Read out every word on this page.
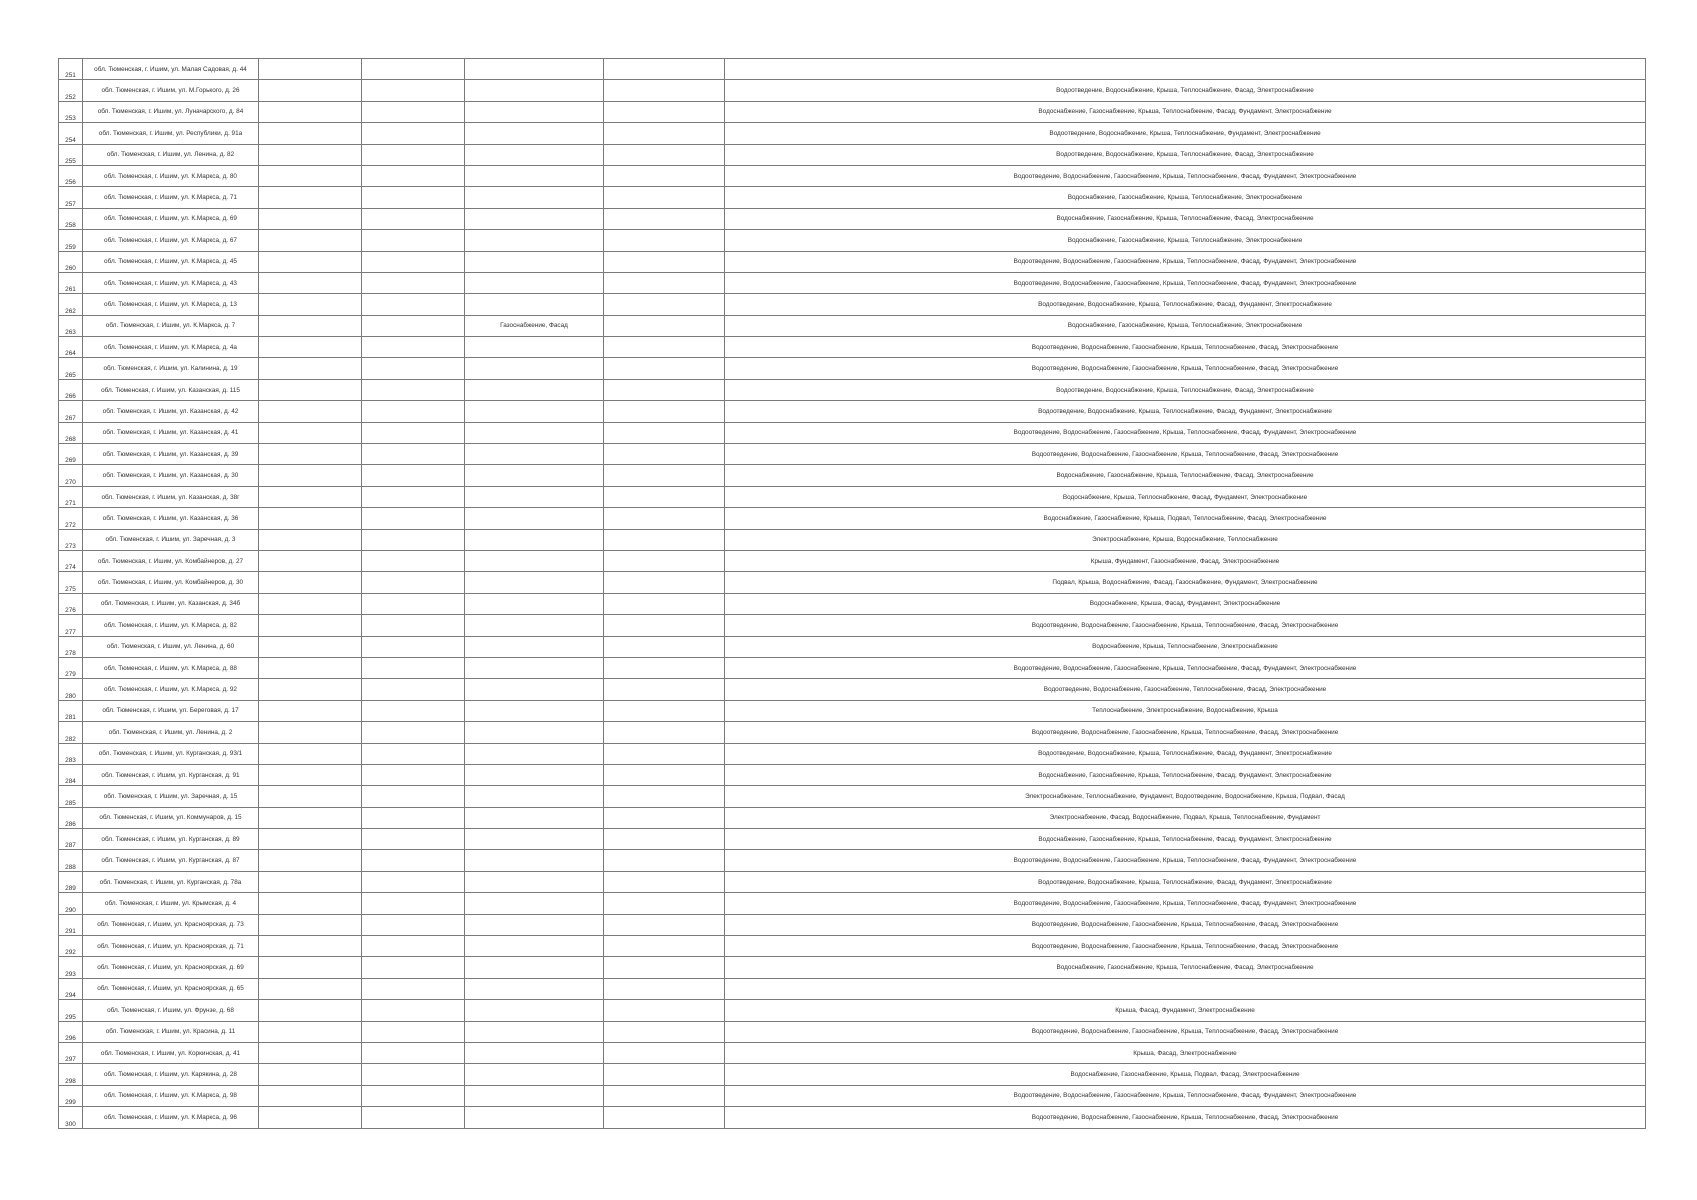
251	обл. Тюменская, г. Ишим, ул. Малая Садовая, д. 44					
252	обл. Тюменская, г. Ишим, ул. М.Горького, д. 26					Водоотведение, Водоснабжение, Крыша, Теплоснабжение, Фасад, Электроснабжение
253	обл. Тюменская, г. Ишим, ул. Луначарского, д. 84					Водоснабжение, Газоснабжение, Крыша, Теплоснабжение, Фасад, Фундамент, Электроснабжение
254	обл. Тюменская, г. Ишим, ул. Республики, д. 91а					Водоотведение, Водоснабжение, Крыша, Теплоснабжение, Фундамент, Электроснабжение
255	обл. Тюменская, г. Ишим, ул. Ленина, д. 82					Водоотведение, Водоснабжение, Крыша, Теплоснабжение, Фасад, Электроснабжение
256	обл. Тюменская, г. Ишим, ул. К.Маркса, д. 80					Водоотведение, Водоснабжение, Газоснабжение, Крыша, Теплоснабжение, Фасад, Фундамент, Электроснабжение
257	обл. Тюменская, г. Ишим, ул. К.Маркса, д. 71					Водоснабжение, Газоснабжение, Крыша, Теплоснабжение, Электроснабжение
258	обл. Тюменская, г. Ишим, ул. К.Маркса, д. 69					Водоснабжение, Газоснабжение, Крыша, Теплоснабжение, Фасад, Электроснабжение
259	обл. Тюменская, г. Ишим, ул. К.Маркса, д. 67					Водоснабжение, Газоснабжение, Крыша, Теплоснабжение, Электроснабжение
260	обл. Тюменская, г. Ишим, ул. К.Маркса, д. 45					Водоотведение, Водоснабжение, Газоснабжение, Крыша, Теплоснабжение, Фасад, Фундамент, Электроснабжение
261	обл. Тюменская, г. Ишим, ул. К.Маркса, д. 43					Водоотведение, Водоснабжение, Газоснабжение, Крыша, Теплоснабжение, Фасад, Фундамент, Электроснабжение
262	обл. Тюменская, г. Ишим, ул. К.Маркса, д. 13					Водоотведение, Водоснабжение, Крыша, Теплоснабжение, Фасад, Фундамент, Электроснабжение
263	обл. Тюменская, г. Ишим, ул. К.Маркса, д. 7			Газоснабжение, Фасад		Водоснабжение, Газоснабжение, Крыша, Теплоснабжение, Электроснабжение
264	обл. Тюменская, г. Ишим, ул. К.Маркса, д. 4а					Водоотведение, Водоснабжение, Газоснабжение, Крыша, Теплоснабжение, Фасад, Электроснабжение
265	обл. Тюменская, г. Ишим, ул. Калинина, д. 19					Водоотведение, Водоснабжение, Газоснабжение, Крыша, Теплоснабжение, Фасад, Электроснабжение
266	обл. Тюменская, г. Ишим, ул. Казанская, д. 115					Водоотведение, Водоснабжение, Крыша, Теплоснабжение, Фасад, Электроснабжение
267	обл. Тюменская, г. Ишим, ул. Казанская, д. 42					Водоотведение, Водоснабжение, Крыша, Теплоснабжение, Фасад, Фундамент, Электроснабжение
268	обл. Тюменская, г. Ишим, ул. Казанская, д. 41					Водоотведение, Водоснабжение, Газоснабжение, Крыша, Теплоснабжение, Фасад, Фундамент, Электроснабжение
269	обл. Тюменская, г. Ишим, ул. Казанская, д. 39					Водоотведение, Водоснабжение, Газоснабжение, Крыша, Теплоснабжение, Фасад, Электроснабжение
270	обл. Тюменская, г. Ишим, ул. Казанская, д. 30					Водоснабжение, Газоснабжение, Крыша, Теплоснабжение, Фасад, Электроснабжение
271	обл. Тюменская, г. Ишим, ул. Казанская, д. 38г					Водоснабжение, Крыша, Теплоснабжение, Фасад, Фундамент, Электроснабжение
272	обл. Тюменская, г. Ишим, ул. Казанская, д. 36					Водоснабжение, Газоснабжение, Крыша, Подвал, Теплоснабжение, Фасад, Электроснабжение
273	обл. Тюменская, г. Ишим, ул. Заречная, д. 3					Электроснабжение, Крыша, Водоснабжение, Теплоснабжение
274	обл. Тюменская, г. Ишим, ул. Комбайнеров, д. 27					Крыша, Фундамент, Газоснабжение, Фасад, Электроснабжение
275	обл. Тюменская, г. Ишим, ул. Комбайнеров, д. 30					Подвал, Крыша, Водоснабжение, Фасад, Газоснабжение, Фундамент, Электроснабжение
276	обл. Тюменская, г. Ишим, ул. Казанская, д. 34б					Водоснабжение, Крыша, Фасад, Фундамент, Электроснабжение
277	обл. Тюменская, г. Ишим, ул. К.Маркса, д. 82					Водоотведение, Водоснабжение, Газоснабжение, Крыша, Теплоснабжение, Фасад, Электроснабжение
278	обл. Тюменская, г. Ишим, ул. Ленина, д. 60					Водоснабжение, Крыша, Теплоснабжение, Электроснабжение
279	обл. Тюменская, г. Ишим, ул. К.Маркса, д. 88					Водоотведение, Водоснабжение, Газоснабжение, Крыша, Теплоснабжение, Фасад, Фундамент, Электроснабжение
280	обл. Тюменская, г. Ишим, ул. К.Маркса, д. 92					Водоотведение, Водоснабжение, Газоснабжение, Теплоснабжение, Фасад, Электроснабжение
281	обл. Тюменская, г. Ишим, ул. Береговая, д. 17					Теплоснабжение, Электроснабжение, Водоснабжение, Крыша
282	обл. Тюменская, г. Ишим, ул. Ленина, д. 2					Водоотведение, Водоснабжение, Газоснабжение, Крыша, Теплоснабжение, Фасад, Электроснабжение
283	обл. Тюменская, г. Ишим, ул. Курганская, д. 93/1					Водоотведение, Водоснабжение, Крыша, Теплоснабжение, Фасад, Фундамент, Электроснабжение
284	обл. Тюменская, г. Ишим, ул. Курганская, д. 91					Водоснабжение, Газоснабжение, Крыша, Теплоснабжение, Фасад, Фундамент, Электроснабжение
285	обл. Тюменская, г. Ишим, ул. Заречная, д. 15					Электроснабжение, Теплоснабжение, Фундамент, Водоотведение, Водоснабжение, Крыша, Подвал, Фасад
286	обл. Тюменская, г. Ишим, ул. Коммунаров, д. 15					Электроснабжение, Фасад, Водоснабжение, Подвал, Крыша, Теплоснабжение, Фундамент
287	обл. Тюменская, г. Ишим, ул. Курганская, д. 89					Водоснабжение, Газоснабжение, Крыша, Теплоснабжение, Фасад, Фундамент, Электроснабжение
288	обл. Тюменская, г. Ишим, ул. Курганская, д. 87					Водоотведение, Водоснабжение, Газоснабжение, Крыша, Теплоснабжение, Фасад, Фундамент, Электроснабжение
289	обл. Тюменская, г. Ишим, ул. Курганская, д. 78а					Водоотведение, Водоснабжение, Крыша, Теплоснабжение, Фасад, Фундамент, Электроснабжение
290	обл. Тюменская, г. Ишим, ул. Крымская, д. 4					Водоотведение, Водоснабжение, Газоснабжение, Крыша, Теплоснабжение, Фасад, Фундамент, Электроснабжение
291	обл. Тюменская, г. Ишим, ул. Красноярская, д. 73					Водоотведение, Водоснабжение, Газоснабжение, Крыша, Теплоснабжение, Фасад, Электроснабжение
292	обл. Тюменская, г. Ишим, ул. Красноярская, д. 71					Водоотведение, Водоснабжение, Газоснабжение, Крыша, Теплоснабжение, Фасад, Электроснабжение
293	обл. Тюменская, г. Ишим, ул. Красноярская, д. 69					Водоснабжение, Газоснабжение, Крыша, Теплоснабжение, Фасад, Электроснабжение
294	обл. Тюменская, г. Ишим, ул. Красноярская, д. 65					
295	обл. Тюменская, г. Ишим, ул. Фрунзе, д. 68					Крыша, Фасад, Фундамент, Электроснабжение
296	обл. Тюменская, г. Ишим, ул. Красина, д. 11					Водоотведение, Водоснабжение, Газоснабжение, Крыша, Теплоснабжение, Фасад, Электроснабжение
297	обл. Тюменская, г. Ишим, ул. Коркинская, д. 41					Крыша, Фасад, Электроснабжение
298	обл. Тюменская, г. Ишим, ул. Карякина, д. 28					Водоснабжение, Газоснабжение, Крыша, Подвал, Фасад, Электроснабжение
299	обл. Тюменская, г. Ишим, ул. К.Маркса, д. 98					Водоотведение, Водоснабжение, Газоснабжение, Крыша, Теплоснабжение, Фасад, Фундамент, Электроснабжение
300	обл. Тюменская, г. Ишим, ул. К.Маркса, д. 96					Водоотведение, Водоснабжение, Газоснабжение, Крыша, Теплоснабжение, Фасад, Электроснабжение
